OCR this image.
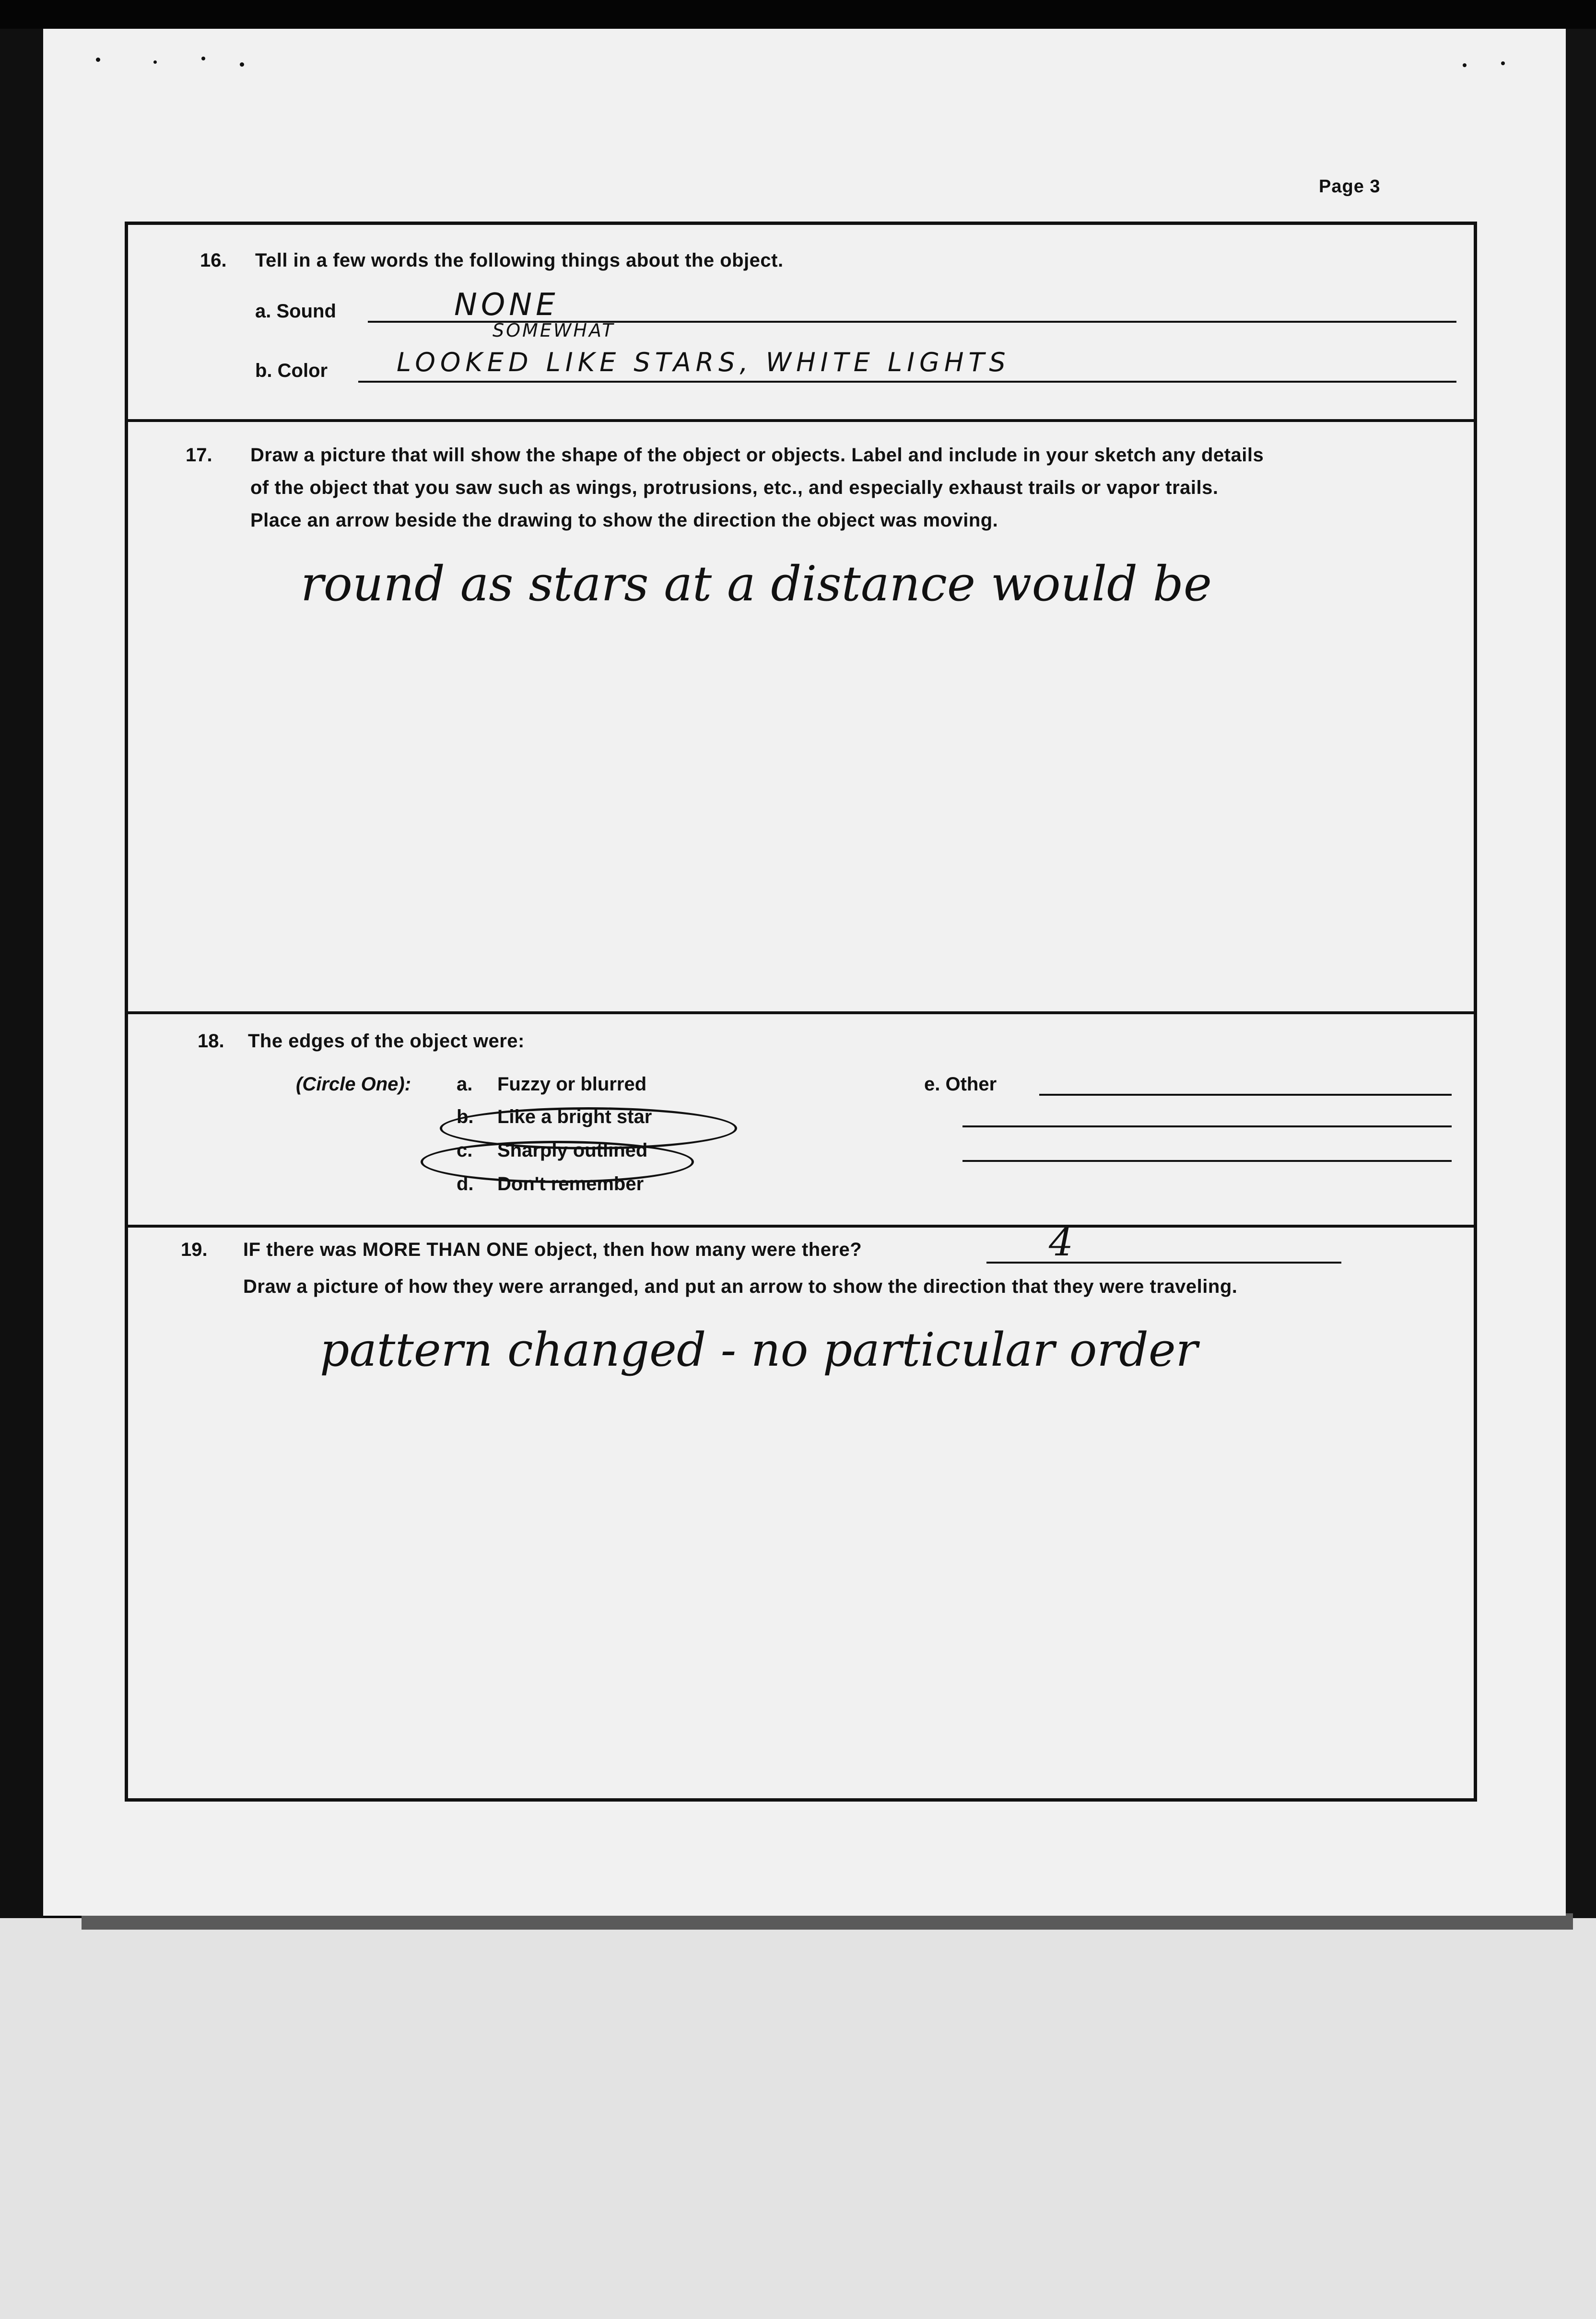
Page 3
16. Tell in a few words the following things about the object.
a. Sound	NONE
b. Color
SOMEWHAT
LOOKED LIKE STARS, WHITE LIGHTS
17. Draw a picture that will show the shape of the object or objects. Label and include in your sketch any details
of the object that you saw such as wings, protrusions, etc., and especially exhaust trails or vapor trails.
Place an arrow beside the drawing to show the direction the object was moving.
round as stars at a distance would be
18. The edges of the object were:
(Circle One): a. Fuzzy or blurred
b. Like a bright star
c. Sharply outlined
d. Don't remember
e. Other
19. IF there was MORE THAN ONE object, then how many were there?	4
Draw a picture of how they were arranged, and put an arrow to show the direction that they were traveling.
pattern changed - no particular order
